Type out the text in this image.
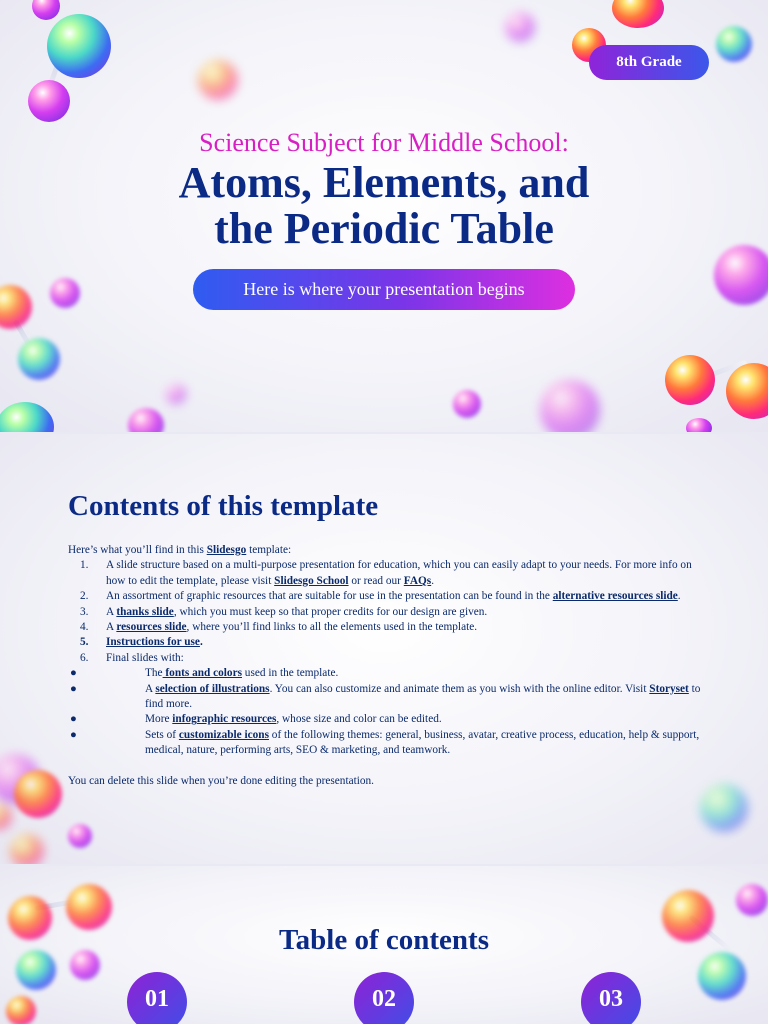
8th Grade
Science Subject for Middle School:
Atoms, Elements, and
the Periodic Table
Here is where your presentation begins
Contents of this template

Here’s what you’ll find in this Slidesgo template:

1. A slide structure based on a multi-purpose presentation for education, which you can easily adapt to your needs. For more info on how to edit the template, please visit Slidesgo School or read our FAQs.
2. An assortment of graphic resources that are suitable for use in the presentation can be found in the alternative resources slide.
3. A thanks slide, which you must keep so that proper credits for our design are given.
4. A resources slide, where you’ll find links to all the elements used in the template.
5. Instructions for use.
6. Final slides with:
●	The fonts and colors used in the template.
●	A selection of illustrations. You can also customize and animate them as you wish with the online editor. Visit Storyset to find more.
●	More infographic resources, whose size and color can be edited.
●	Sets of customizable icons of the following themes: general, business, avatar, creative process, education, help & support, medical, nature, performing arts, SEO & marketing, and teamwork.

You can delete this slide when you’re done editing the presentation.

Table of contents
01	02	03
